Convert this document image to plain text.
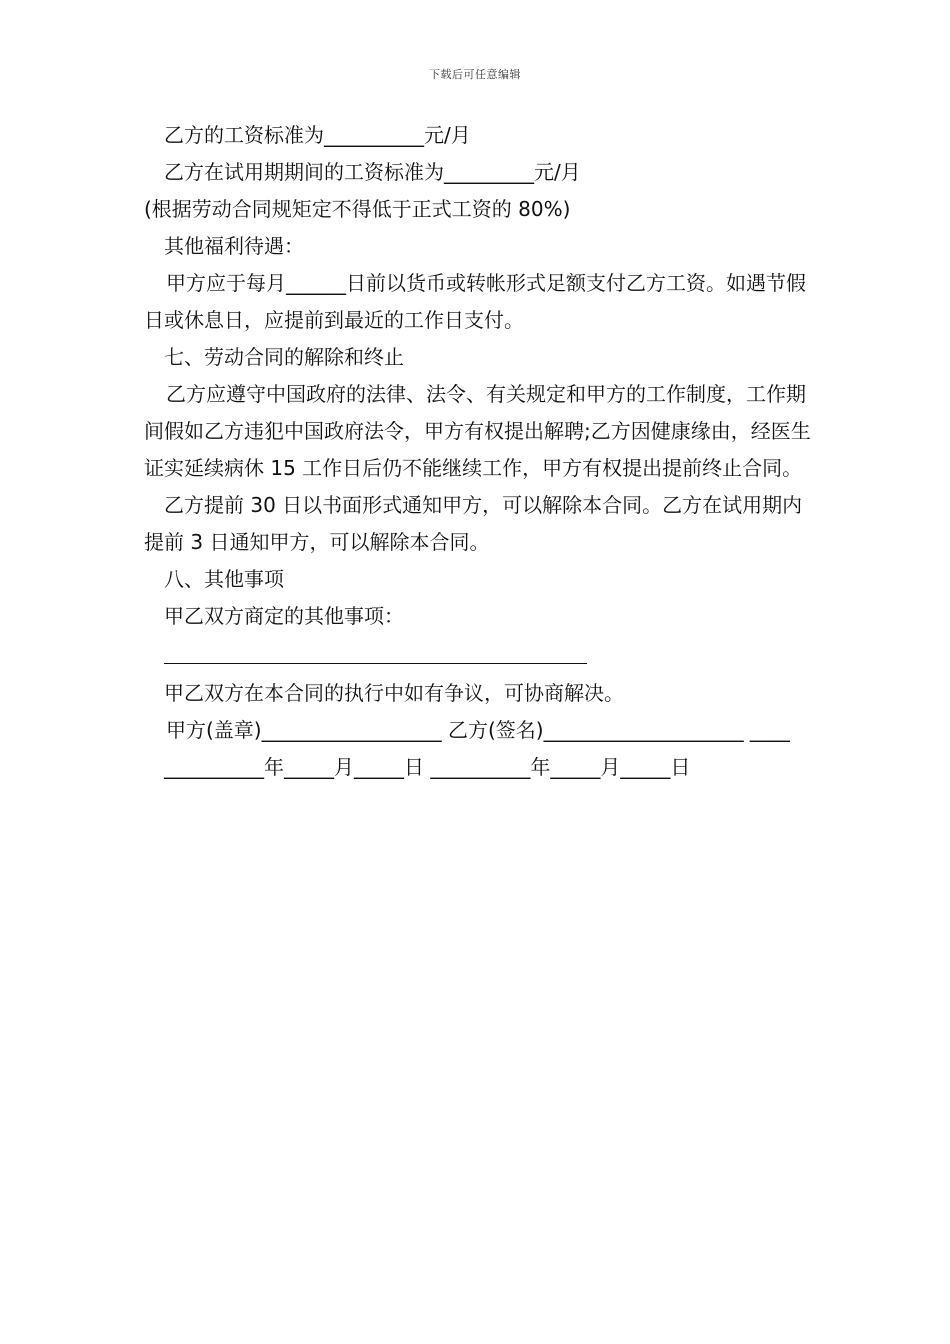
下载后可任意编辑

乙方的工资标准为__________元/月

乙方在试用期期间的工资标准为_________元/月

(根据劳动合同规矩定不得低于正式工资的 80%)

其他福利待遇：

甲方应于每月______日前以货币或转帐形式足额支付乙方工资。如遇节假日或休息日，应提前到最近的工作日支付。

七、劳动合同的解除和终止

乙方应遵守中国政府的法律、法令、有关规定和甲方的工作制度，工作期间假如乙方违犯中国政府法令，甲方有权提出解聘;乙方因健康缘由，经医生证实延续病休 15 工作日后仍不能继续工作，甲方有权提出提前终止合同。

乙方提前 30 日以书面形式通知甲方，可以解除本合同。乙方在试用期内提前 3 日通知甲方，可以解除本合同。

八、其他事项

甲乙双方商定的其他事项：

甲乙双方在本合同的执行中如有争议，可协商解决。

甲方(盖章)__________________ 乙方(签名)____________________ ____

__________年_____月_____日 __________年_____月_____日
